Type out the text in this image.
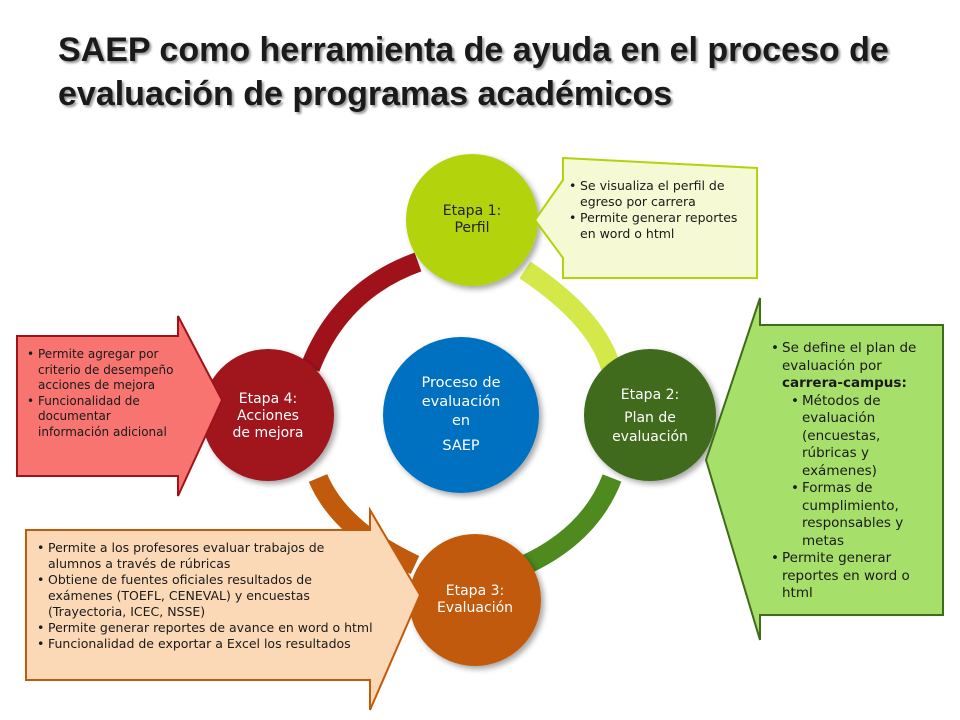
SAEP como herramienta de ayuda en el proceso de evaluación de programas académicos
Proceso de
evaluación
en
SAEP
Etapa 1:
Perfil
Etapa 2:
Plan de
evaluación
Etapa 3:
Evaluación
Etapa 4:
Acciones
de mejora
• Se visualiza el perfil de egreso por carrera
• Permite generar reportes en word o html
• Se define el plan de evaluación por carrera-campus:
• Métodos de evaluación (encuestas, rúbricas y exámenes)
• Formas de cumplimiento, responsables y metas
• Permite generar reportes en word o html
• Permite a los profesores evaluar trabajos de alumnos a través de rúbricas
• Obtiene de fuentes oficiales resultados de exámenes (TOEFL, CENEVAL) y encuestas (Trayectoria, ICEC, NSSE)
• Permite generar reportes de avance en word o html
• Funcionalidad de exportar a Excel los resultados
• Permite agregar por criterio de desempeño acciones de mejora
• Funcionalidad de documentar información adicional
